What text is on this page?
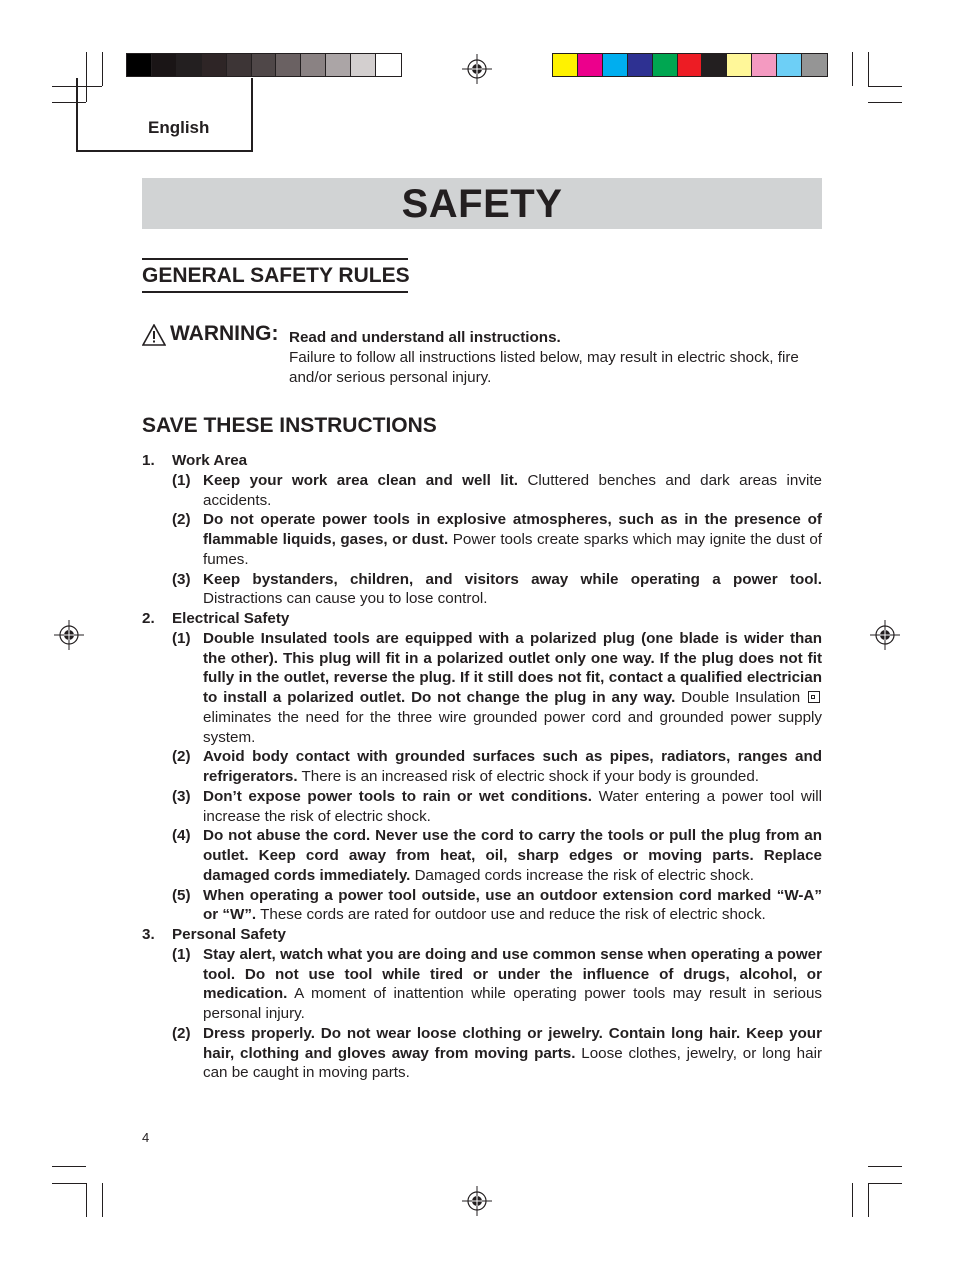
English
SAFETY
GENERAL SAFETY RULES
WARNING: Read and understand all instructions.
Failure to follow all instructions listed below, may result in electric shock, fire and/or serious personal injury.
SAVE THESE INSTRUCTIONS
1. Work Area
(1) Keep your work area clean and well lit. Cluttered benches and dark areas invite accidents.
(2) Do not operate power tools in explosive atmospheres, such as in the presence of flammable liquids, gases, or dust. Power tools create sparks which may ignite the dust of fumes.
(3) Keep bystanders, children, and visitors away while operating a power tool. Distractions can cause you to lose control.
2. Electrical Safety
(1) Double Insulated tools are equipped with a polarized plug (one blade is wider than the other). This plug will fit in a polarized outlet only one way. If the plug does not fit fully in the outlet, reverse the plug. If it still does not fit, contact a qualified electrician to install a polarized outlet. Do not change the plug in any way. Double Insulation  eliminates the need for the three wire grounded power cord and grounded power supply system.
(2) Avoid body contact with grounded surfaces such as pipes, radiators, ranges and refrigerators. There is an increased risk of electric shock if your body is grounded.
(3) Don’t expose power tools to rain or wet conditions. Water entering a power tool will increase the risk of electric shock.
(4) Do not abuse the cord. Never use the cord to carry the tools or pull the plug from an outlet. Keep cord away from heat, oil, sharp edges or moving parts. Replace damaged cords immediately. Damaged cords increase the risk of electric shock.
(5) When operating a power tool outside, use an outdoor extension cord marked “W-A” or “W”. These cords are rated for outdoor use and reduce the risk of electric shock.
3. Personal Safety
(1) Stay alert, watch what you are doing and use common sense when operating a power tool. Do not use tool while tired or under the influence of drugs, alcohol, or medication. A moment of inattention while operating power tools may result in serious personal injury.
(2) Dress properly. Do not wear loose clothing or jewelry. Contain long hair. Keep your hair, clothing and gloves away from moving parts. Loose clothes, jewelry, or long hair can be caught in moving parts.
4
